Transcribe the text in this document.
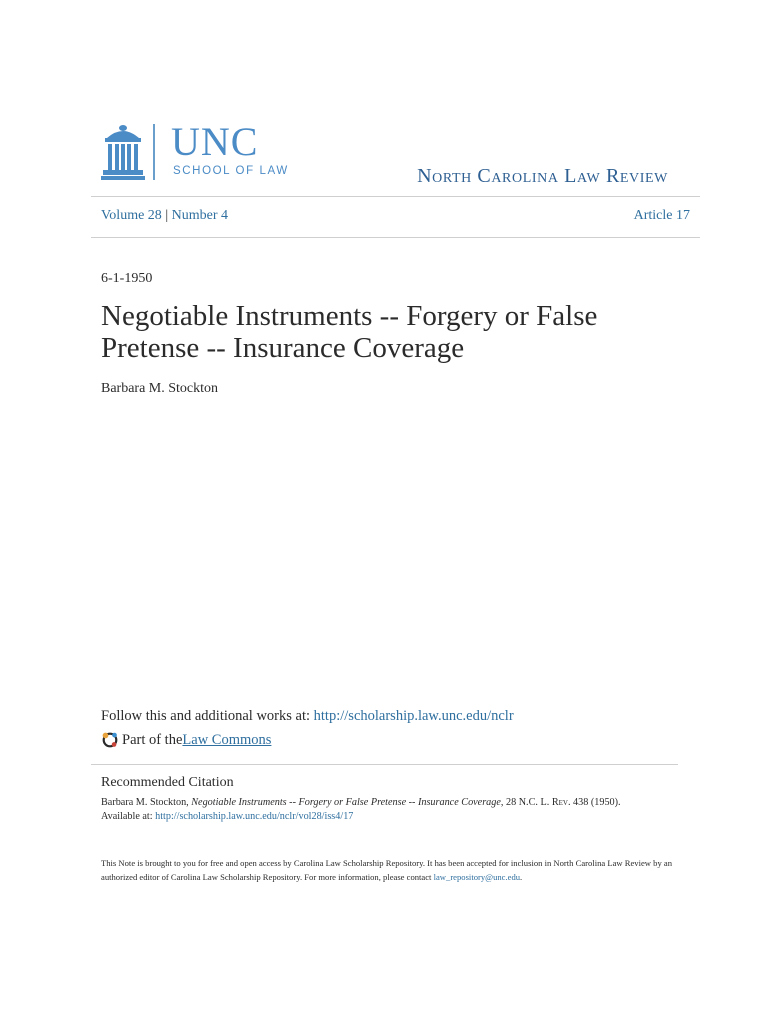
UNC
SCHOOL OF LAW	North Carolina Law Review
Volume 28 | Number 4	Article 17
6-1-1950
Negotiable Instruments -- Forgery or False Pretense -- Insurance Coverage
Barbara M. Stockton
Follow this and additional works at: http://scholarship.law.unc.edu/nclr
Part of the Law Commons
Recommended Citation
Barbara M. Stockton, Negotiable Instruments -- Forgery or False Pretense -- Insurance Coverage, 28 N.C. L. Rev. 438 (1950).
Available at: http://scholarship.law.unc.edu/nclr/vol28/iss4/17
This Note is brought to you for free and open access by Carolina Law Scholarship Repository. It has been accepted for inclusion in North Carolina Law Review by an authorized editor of Carolina Law Scholarship Repository. For more information, please contact law_repository@unc.edu.
